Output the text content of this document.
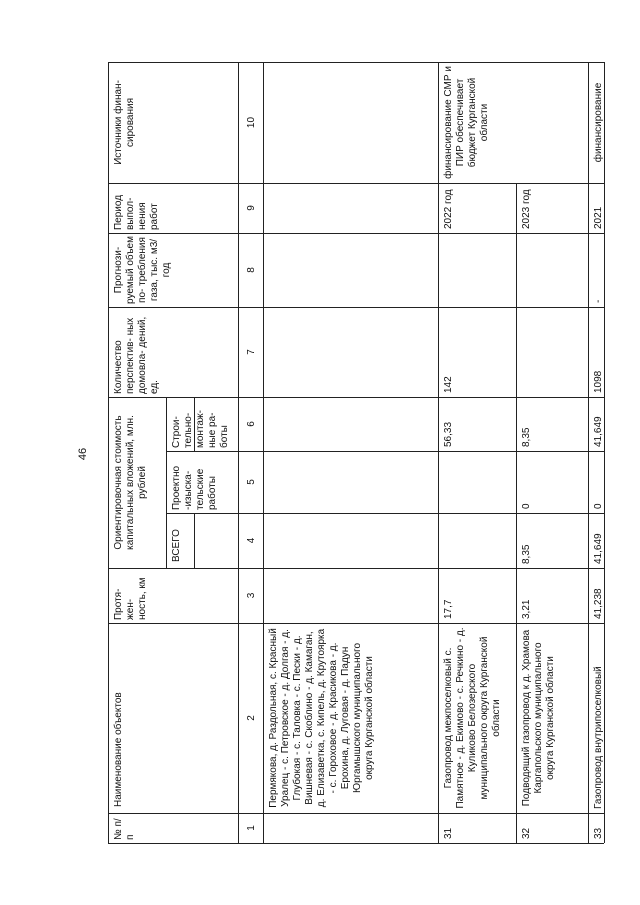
46
№ п/п
Наименование объектов
Протя- жен- ность, км
Ориентировочная стоимость капитальных вложений, млн. рублей
ВСЕГО
Проектно -изыска- тельские работы
Строи- тельно- монтаж- ные ра- боты
Количество перспектив- ных домовла- дений, ед.
Прогнози- руемый объем по- требления газа, тыс. м3/год
Период выпол- нения работ
Источники финан- сирования
1
2
3
4
5
6
7
8
9
10
Пермякова, д. Раздольная, с. Красный Уралец - с. Петровское - д. Долгая - д. Глубокая - с. Таловка - с. Пески - д. Вишневая - с. Скоблино - д. Камаган, д. Елизаветка, с. Кипель, д. Крутоярка - с. Гороховое - д. Красикова - д. Ерохина, д. Луговая - д. Падун Юргамышского муниципального округа Курганской области
31
Газопровод межпоселковый с. Памятное - д. Екимово - с. Речкино - д. Куликово Белозерского муниципального округа Курганской области
17,7
56,33
142
2022 год
финансирование СМР и ПИР обеспечивает бюджет Курганской области
32
Подводящий газопровод к д. Храмова Каргапольского муниципального округа Курганской области
3,21
8,35
0
8,35
2023 год
33
Газопровод внутрипоселковый
41,238
41,649
0
41,649
1098
-
2021
финансирование
